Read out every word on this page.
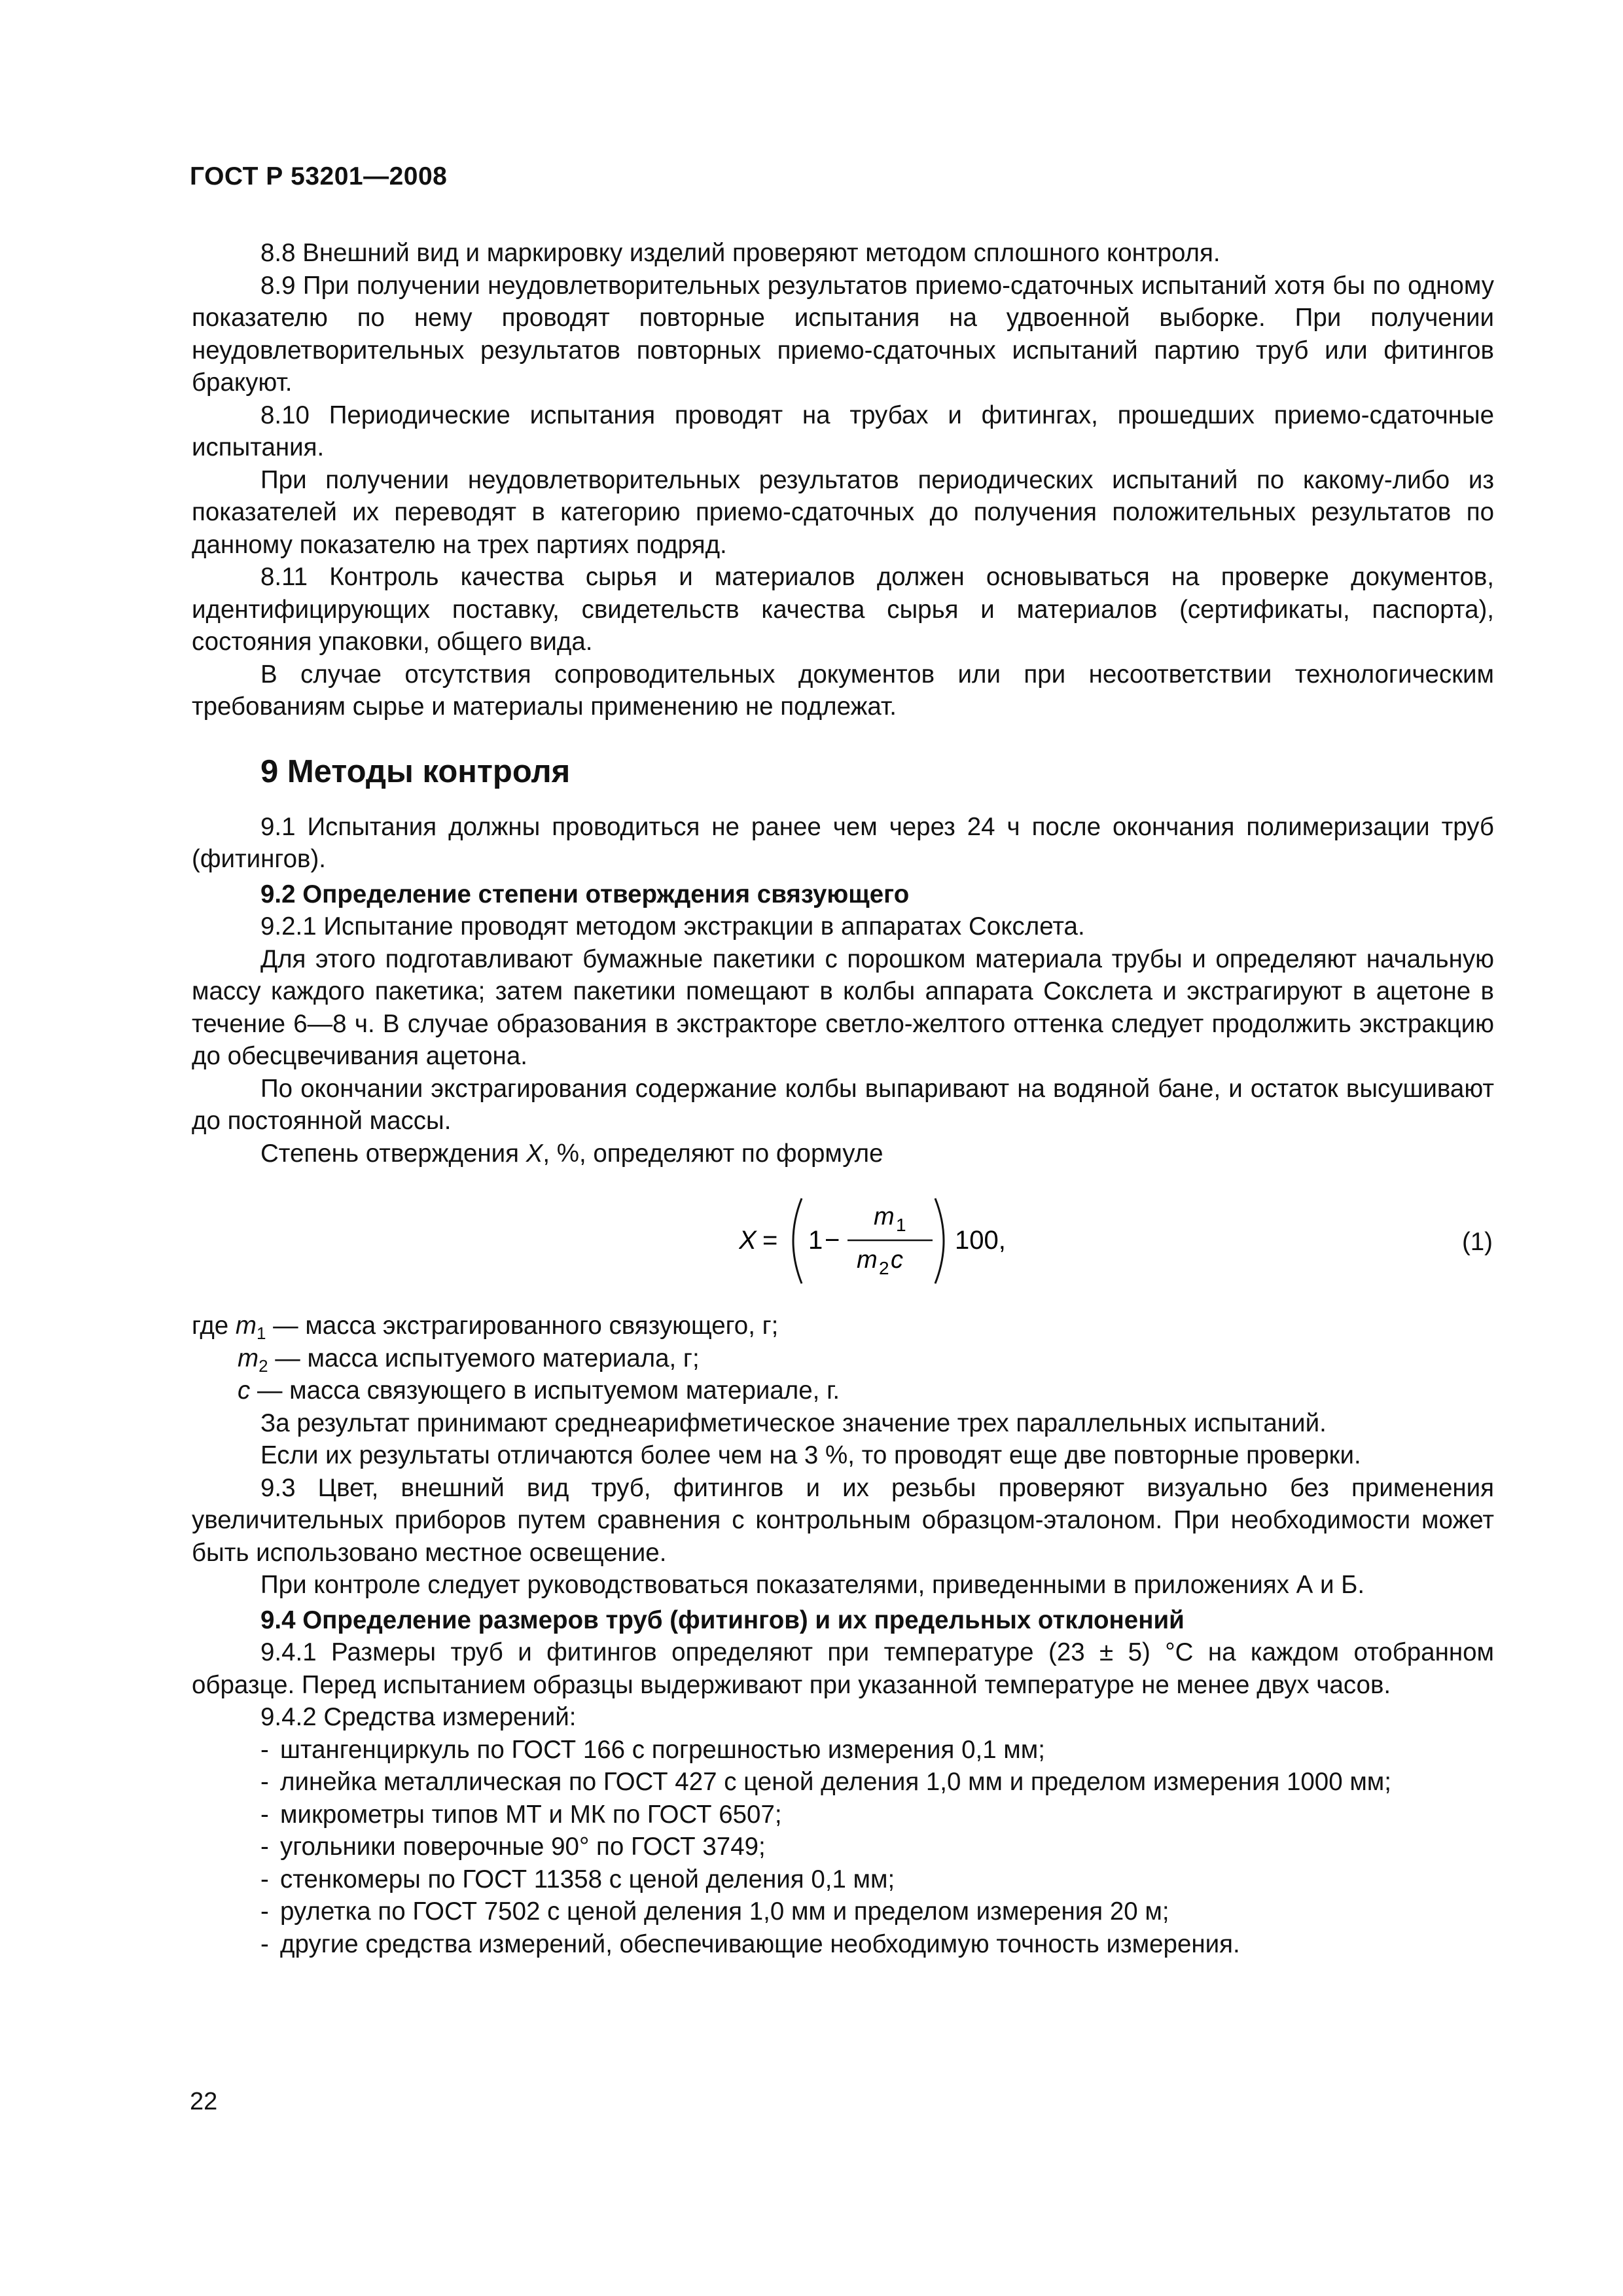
ГОСТ Р 53201—2008

8.8 Внешний вид и маркировку изделий проверяют методом сплошного контроля.

8.9 При получении неудовлетворительных результатов приемо-сдаточных испытаний хотя бы по одному показателю по нему проводят повторные испытания на удвоенной выборке. При получении неудовлетворительных результатов повторных приемо-сдаточных испытаний партию труб или фитингов бракуют.

8.10 Периодические испытания проводят на трубах и фитингах, прошедших приемо-сдаточные испытания.

При получении неудовлетворительных результатов периодических испытаний по какому-либо из показателей их переводят в категорию приемо-сдаточных до получения положительных результатов по данному показателю на трех партиях подряд.

8.11 Контроль качества сырья и материалов должен основываться на проверке документов, идентифицирующих поставку, свидетельств качества сырья и материалов (сертификаты, паспорта), состояния упаковки, общего вида.

В случае отсутствия сопроводительных документов или при несоответствии технологическим требованиям сырье и материалы применению не подлежат.

9 Методы контроля

9.1 Испытания должны проводиться не ранее чем через 24 ч после окончания полимеризации труб (фитингов).

9.2 Определение степени отверждения связующего

9.2.1 Испытание проводят методом экстракции в аппаратах Сокслета.

Для этого подготавливают бумажные пакетики с порошком материала трубы и определяют начальную массу каждого пакетика; затем пакетики помещают в колбы аппарата Сокслета и экстрагируют в ацетоне в течение 6—8 ч. В случае образования в экстракторе светло-желтого оттенка следует продолжить экстракцию до обесцвечивания ацетона.

По окончании экстрагирования содержание колбы выпаривают на водяной бане, и остаток высушивают до постоянной массы.

Степень отверждения X, %, определяют по формуле

X = 1 −
m 1
m 2 c
100,	(1)

где $m_1$ — масса экстрагированного связующего, г;

$m_2$ — масса испытуемого материала, г;

c — масса связующего в испытуемом материале, г.

За результат принимают среднеарифметическое значение трех параллельных испытаний.

Если их результаты отличаются более чем на 3 %, то проводят еще две повторные проверки.

9.3 Цвет, внешний вид труб, фитингов и их резьбы проверяют визуально без применения увеличительных приборов путем сравнения с контрольным образцом-эталоном. При необходимости может быть использовано местное освещение.

При контроле следует руководствоваться показателями, приведенными в приложениях А и Б.

9.4 Определение размеров труб (фитингов) и их предельных отклонений

9.4.1 Размеры труб и фитингов определяют при температуре (23 ± 5) °С на каждом отобранном образце. Перед испытанием образцы выдерживают при указанной температуре не менее двух часов.

9.4.2 Средства измерений:

- штангенциркуль по ГОСТ 166 с погрешностью измерения 0,1 мм;
- линейка металлическая по ГОСТ 427 с ценой деления 1,0 мм и пределом измерения 1000 мм;
- микрометры типов МТ и МК по ГОСТ 6507;
- угольники поверочные 90° по ГОСТ 3749;
- стенкомеры по ГОСТ 11358 с ценой деления 0,1 мм;
- рулетка по ГОСТ 7502 с ценой деления 1,0 мм и пределом измерения 20 м;
- другие средства измерений, обеспечивающие необходимую точность измерения.
22
